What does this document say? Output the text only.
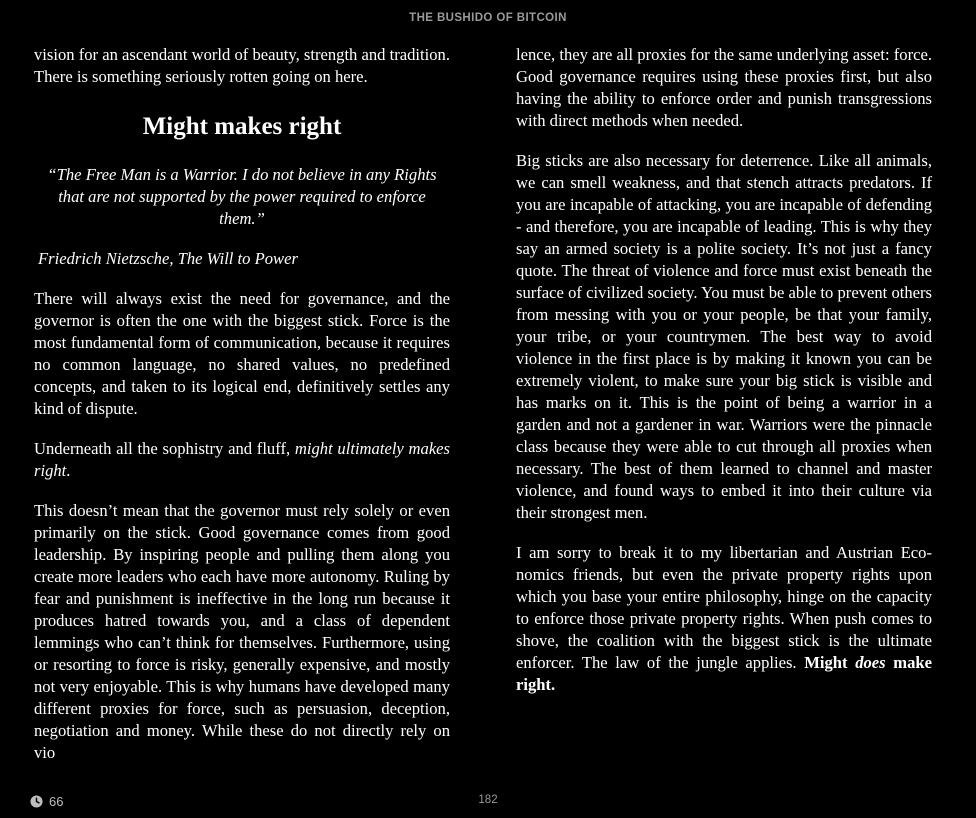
THE BUSHIDO OF BITCOIN

vision for an ascendant world of beauty, strength and tradition. There is something seriously rotten going on here.

Might makes right
“The Free Man is a Warrior. I do not believe in any Rights that are not supported by the power required to enforce them.”
Friedrich Nietzsche, The Will to Power

There will always exist the need for governance, and the governor is often the one with the biggest stick. Force is the most fundamental form of communication, because it requires no common language, no shared values, no predefined concepts, and taken to its logical end, definitively settles any kind of dispute.

Underneath all the sophistry and fluff, might ultimately makes right.

This doesn’t mean that the governor must rely solely or even primarily on the stick. Good governance comes from good leadership. By inspiring people and pulling them along you create more leaders who each have more autonomy. Ruling by fear and punishment is ineffective in the long run because it produces hatred towards you, and a class of dependent lemmings who can’t think for themselves. Furthermore, using or resorting to force is risky, generally expensive, and mostly not very enjoyable. This is why humans have developed many different proxies for force, such as persuasion, deception, negotiation and money. While these do not directly rely on vio

lence, they are all proxies for the same underlying asset: force. Good governance requires using these proxies first, but also having the ability to enforce order and punish transgressions with direct methods when needed.

Big sticks are also necessary for deterrence. Like all animals, we can smell weakness, and that stench attracts predators. If you are incapable of attacking, you are incapable of defending - and therefore, you are incapable of leading. This is why they say an armed society is a polite society. It’s not just a fancy quote. The threat of violence and force must exist beneath the surface of civilized society. You must be able to prevent others from messing with you or your people, be that your family, your tribe, or your countrymen. The best way to avoid violence in the first place is by making it known you can be extremely violent, to make sure your big stick is visible and has marks on it. This is the point of being a warrior in a garden and not a gardener in war. Warriors were the pinnacle class because they were able to cut through all proxies when necessary. The best of them learned to channel and master violence, and found ways to embed it into their culture via their strongest men.

I am sorry to break it to my libertarian and Austrian Economics friends, but even the private property rights upon which you base your entire philosophy, hinge on the capacity to enforce those private property rights. When push comes to shove, the coalition with the biggest stick is the ultimate enforcer. The law of the jungle applies. Might does make right.

66	182
